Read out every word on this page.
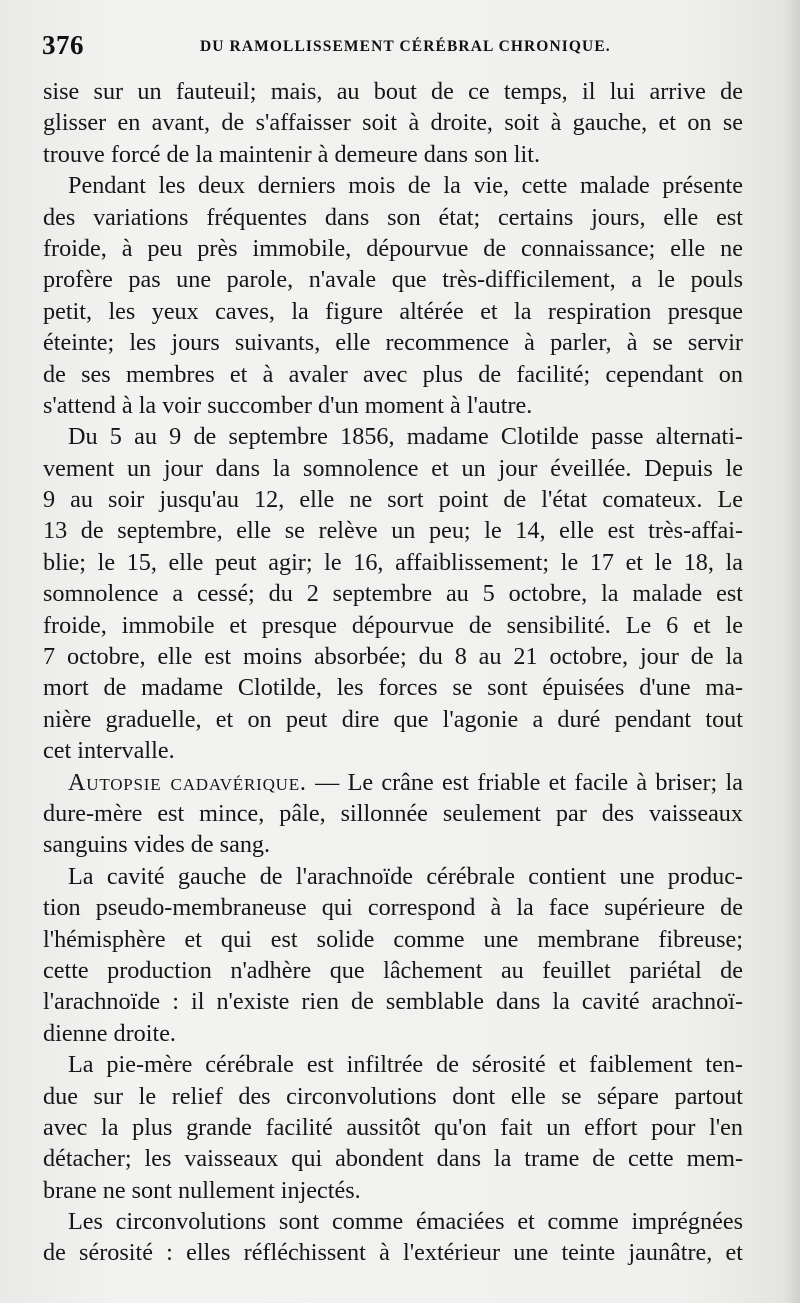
376	DU RAMOLLISSEMENT CÉRÉBRAL CHRONIQUE.
sise sur un fauteuil; mais, au bout de ce temps, il lui arrive de
glisser en avant, de s'affaisser soit à droite, soit à gauche, et on se
trouve forcé de la maintenir à demeure dans son lit.
Pendant les deux derniers mois de la vie, cette malade présente
des variations fréquentes dans son état; certains jours, elle est
froide, à peu près immobile, dépourvue de connaissance; elle ne
profère pas une parole, n'avale que très-difficilement, a le pouls
petit, les yeux caves, la figure altérée et la respiration presque
éteinte; les jours suivants, elle recommence à parler, à se servir
de ses membres et à avaler avec plus de facilité; cependant on
s'attend à la voir succomber d'un moment à l'autre.
Du 5 au 9 de septembre 1856, madame Clotilde passe alternati-
vement un jour dans la somnolence et un jour éveillée. Depuis le
9 au soir jusqu'au 12, elle ne sort point de l'état comateux. Le
13 de septembre, elle se relève un peu; le 14, elle est très-affai-
blie; le 15, elle peut agir; le 16, affaiblissement; le 17 et le 18, la
somnolence a cessé; du 2 septembre au 5 octobre, la malade est
froide, immobile et presque dépourvue de sensibilité. Le 6 et le
7 octobre, elle est moins absorbée; du 8 au 21 octobre, jour de la
mort de madame Clotilde, les forces se sont épuisées d'une ma-
nière graduelle, et on peut dire que l'agonie a duré pendant tout
cet intervalle.
Autopsie cadavérique. — Le crâne est friable et facile à briser; la
dure-mère est mince, pâle, sillonnée seulement par des vaisseaux
sanguins vides de sang.
La cavité gauche de l'arachnoïde cérébrale contient une produc-
tion pseudo-membraneuse qui correspond à la face supérieure de
l'hémisphère et qui est solide comme une membrane fibreuse;
cette production n'adhère que lâchement au feuillet pariétal de
l'arachnoïde : il n'existe rien de semblable dans la cavité arachnoï-
dienne droite.
La pie-mère cérébrale est infiltrée de sérosité et faiblement ten-
due sur le relief des circonvolutions dont elle se sépare partout
avec la plus grande facilité aussitôt qu'on fait un effort pour l'en
détacher; les vaisseaux qui abondent dans la trame de cette mem-
brane ne sont nullement injectés.
Les circonvolutions sont comme émaciées et comme imprégnées
de sérosité : elles réfléchissent à l'extérieur une teinte jaunâtre, et
